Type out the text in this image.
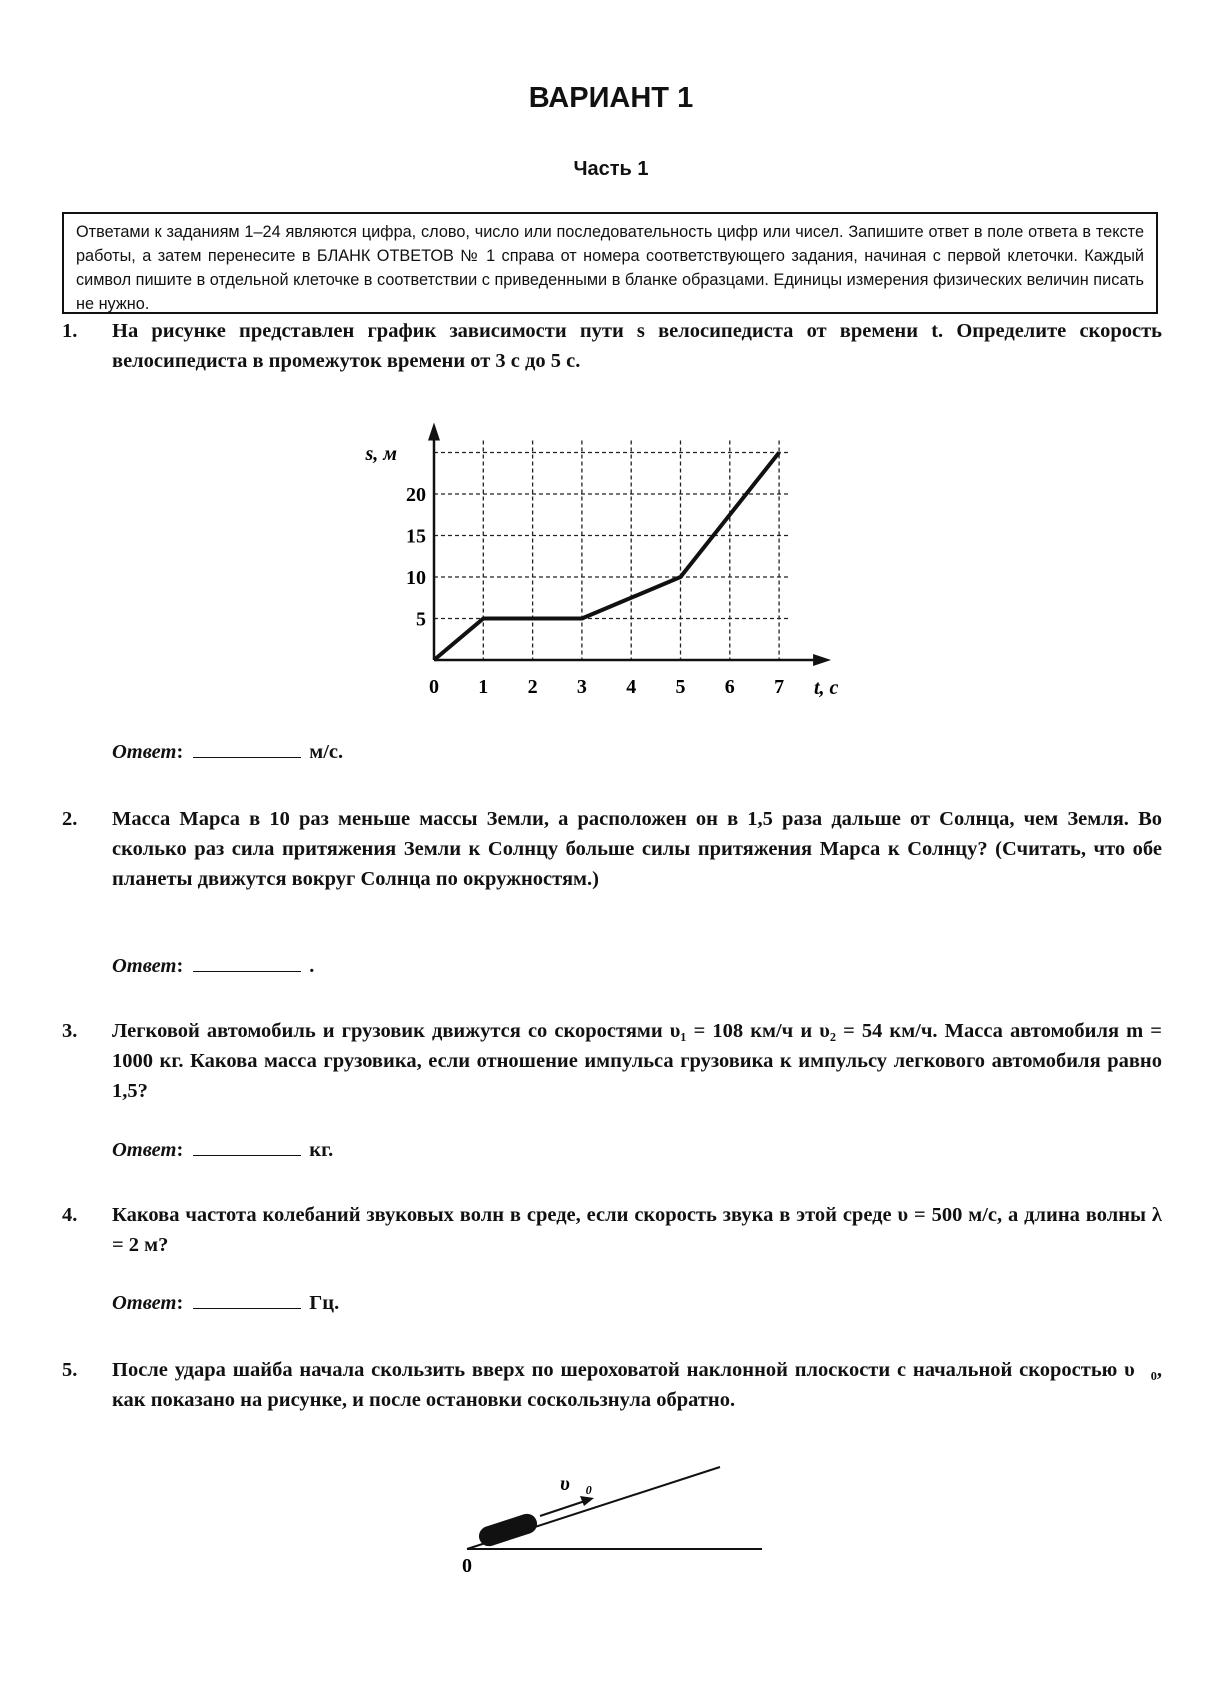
ВАРИАНТ 1
Часть 1
Ответами к заданиям 1–24 являются цифра, слово, число или последовательность цифр или чисел. Запишите ответ в поле ответа в тексте работы, а затем перенесите в БЛАНК ОТВЕТОВ № 1 справа от номера соответствующего задания, начиная с первой клеточки. Каждый символ пишите в отдельной клеточке в соответствии с приведенными в бланке образцами. Единицы измерения физических величин писать не нужно.
1. На рисунке представлен график зависимости пути s велосипедиста от времени t. Определите скорость велосипедиста в промежуток времени от 3 с до 5 с.
0 1 2 3 4 5 6 7
5
10
15
20
s, м
t, с
Ответ:	м/с.
2. Масса Марса в 10 раз меньше массы Земли, а расположен он в 1,5 раза дальше от Солнца, чем Земля. Во сколько раз сила притяжения Земли к Солнцу больше силы притяжения Марса к Солнцу? (Считать, что обе планеты движутся вокруг Солнца по окружностям.)
Ответ:	.
3. Легковой автомобиль и грузовик движутся со скоростями υ₁ = 108 км/ч и υ₂ = 54 км/ч. Масса автомобиля m = 1000 кг. Какова масса грузовика, если отношение импульса грузовика к импульсу легкового автомобиля равно 1,5?
Ответ:	кг.
4. Какова частота колебаний звуковых волн в среде, если скорость звука в этой среде υ = 500 м/с, а длина волны λ = 2 м?
Ответ:	Гц.
5. После удара шайба начала скользить вверх по шероховатой наклонной плоскости с начальной скоростью υ⃗₀, как показано на рисунке, и после остановки соскользнула обратно.
υ⃗₀
0
